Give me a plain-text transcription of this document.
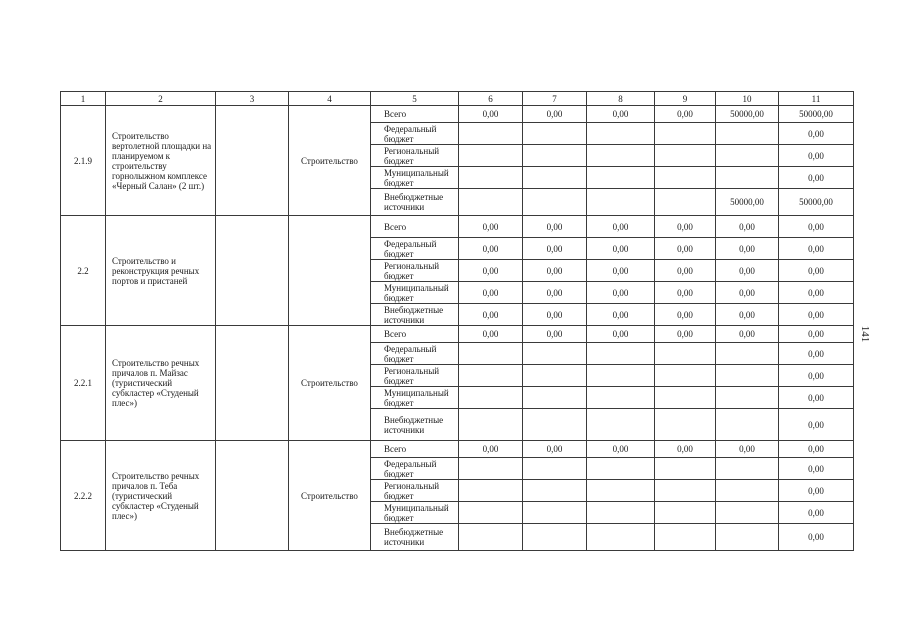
1	2	3	4	5	6	7	8	9	10	11
2.1.9	Строительство вертолетной площадки на планируемом к строительству горнолыжном комплексе «Черный Салан» (2 шт.)		Строительство	Всего	0,00	0,00	0,00	0,00	50000,00	50000,00
				Федеральный бюджет						0,00
				Региональный бюджет						0,00
				Муниципальный бюджет						0,00
				Внебюджетные источники					50000,00	50000,00
2.2	Строительство и реконструкция речных портов и пристаней			Всего	0,00	0,00	0,00	0,00	0,00	0,00
				Федеральный бюджет	0,00	0,00	0,00	0,00	0,00	0,00
				Региональный бюджет	0,00	0,00	0,00	0,00	0,00	0,00
				Муниципальный бюджет	0,00	0,00	0,00	0,00	0,00	0,00
				Внебюджетные источники	0,00	0,00	0,00	0,00	0,00	0,00
2.2.1	Строительство речных причалов п. Майзас (туристический субкластер «Студеный плес»)		Строительство	Всего	0,00	0,00	0,00	0,00	0,00	0,00
				Федеральный бюджет						0,00
				Региональный бюджет						0,00
				Муниципальный бюджет						0,00
				Внебюджетные источники						0,00
2.2.2	Строительство речных причалов п. Теба (туристический субкластер «Студеный плес»)		Строительство	Всего	0,00	0,00	0,00	0,00	0,00	0,00
				Федеральный бюджет						0,00
				Региональный бюджет						0,00
				Муниципальный бюджет						0,00
				Внебюджетные источники						0,00
141
